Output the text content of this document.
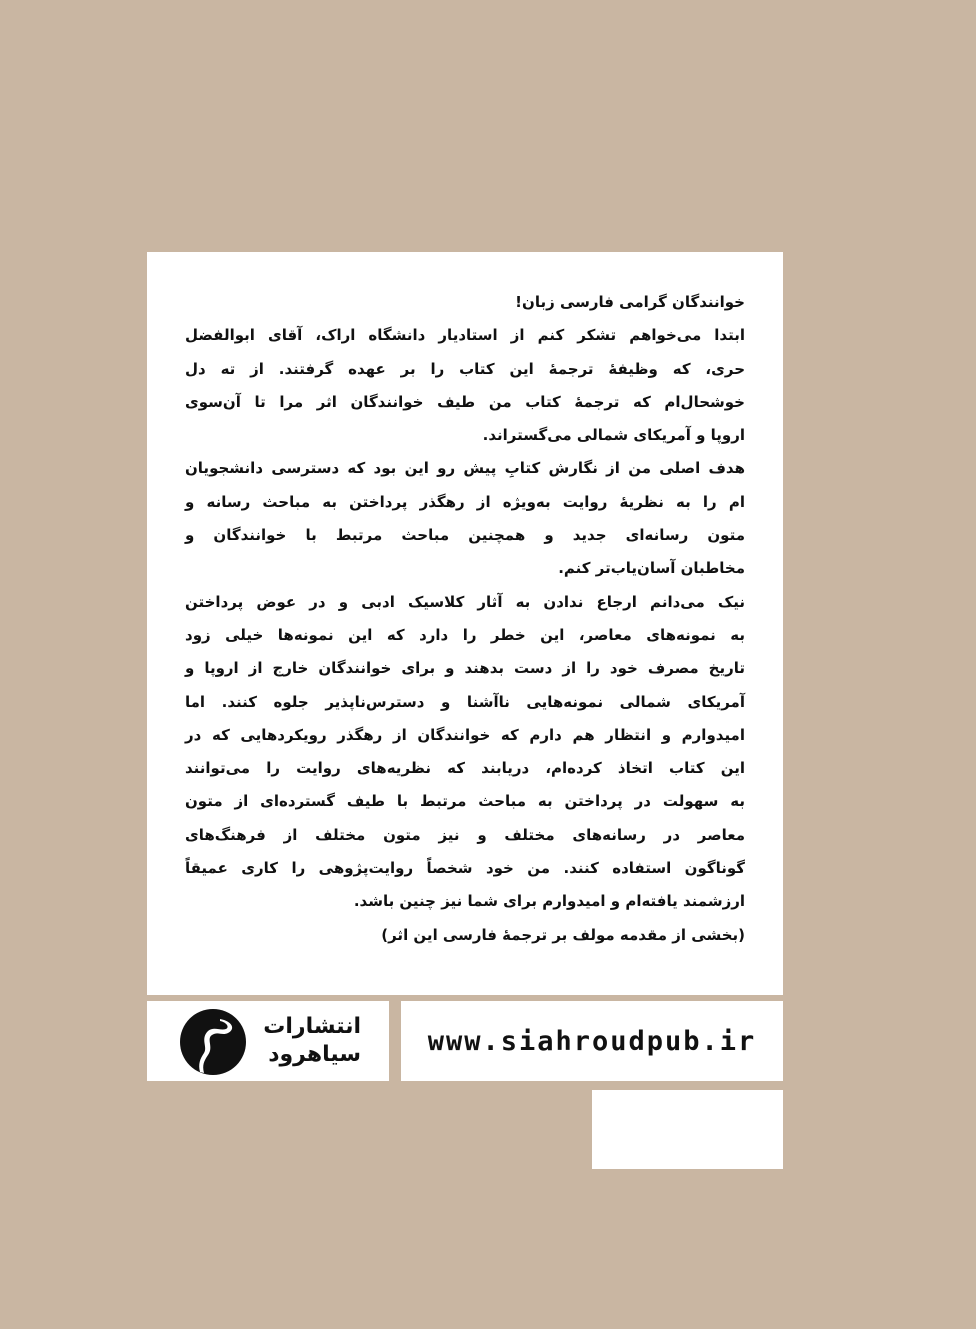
خوانندگان گرامی فارسی زبان!
ابتدا می‌خواهم تشکر کنم از استادیار دانشگاه اراک، آقای ابوالفضل
حری، که وظیفهٔ ترجمهٔ این کتاب را بر عهده گرفتند. از ته دل
خوشحال‌ام که ترجمهٔ کتاب من طیف خوانندگان اثر مرا تا آن‌سوی
اروپا و آمریکای شمالی می‌گستراند.
هدف اصلی من از نگارش کتابِ پیش رو این بود که دسترسی دانشجویان
ام را به نظریهٔ روایت به‌ویژه از رهگذر پرداختن به مباحث رسانه و
متون رسانه‌ای جدید و همچنین مباحث مرتبط با خوانندگان و
مخاطبان آسان‌یاب‌تر کنم.
نیک می‌دانم ارجاع ندادن به آثار کلاسیک ادبی و در عوض پرداختن
به نمونه‌های معاصر، این خطر را دارد که این نمونه‌ها خیلی زود
تاریخ مصرف خود را از دست بدهند و برای خوانندگان خارج از اروپا و
آمریکای شمالی نمونه‌هایی ناآشنا و دسترس‌ناپذیر جلوه کنند. اما
امیدوارم و انتظار هم دارم که خوانندگان از رهگذر رویکردهایی که در
این کتاب اتخاذ کرده‌ام، دریابند که نظریه‌های روایت را می‌توانند
به سهولت در پرداختن به مباحث مرتبط با طیف گسترده‌ای از متون
معاصر در رسانه‌های مختلف و نیز متون مختلف از فرهنگ‌های
گوناگون استفاده کنند. من خود شخصاً روایت‌پژوهی را کاری عمیقاً
ارزشمند یافته‌ام و امیدوارم برای شما نیز چنین باشد.
(بخشی از مقدمه مولف بر ترجمهٔ فارسی این اثر)
انتشارات
سیاهرود www.siahroudpub.ir
